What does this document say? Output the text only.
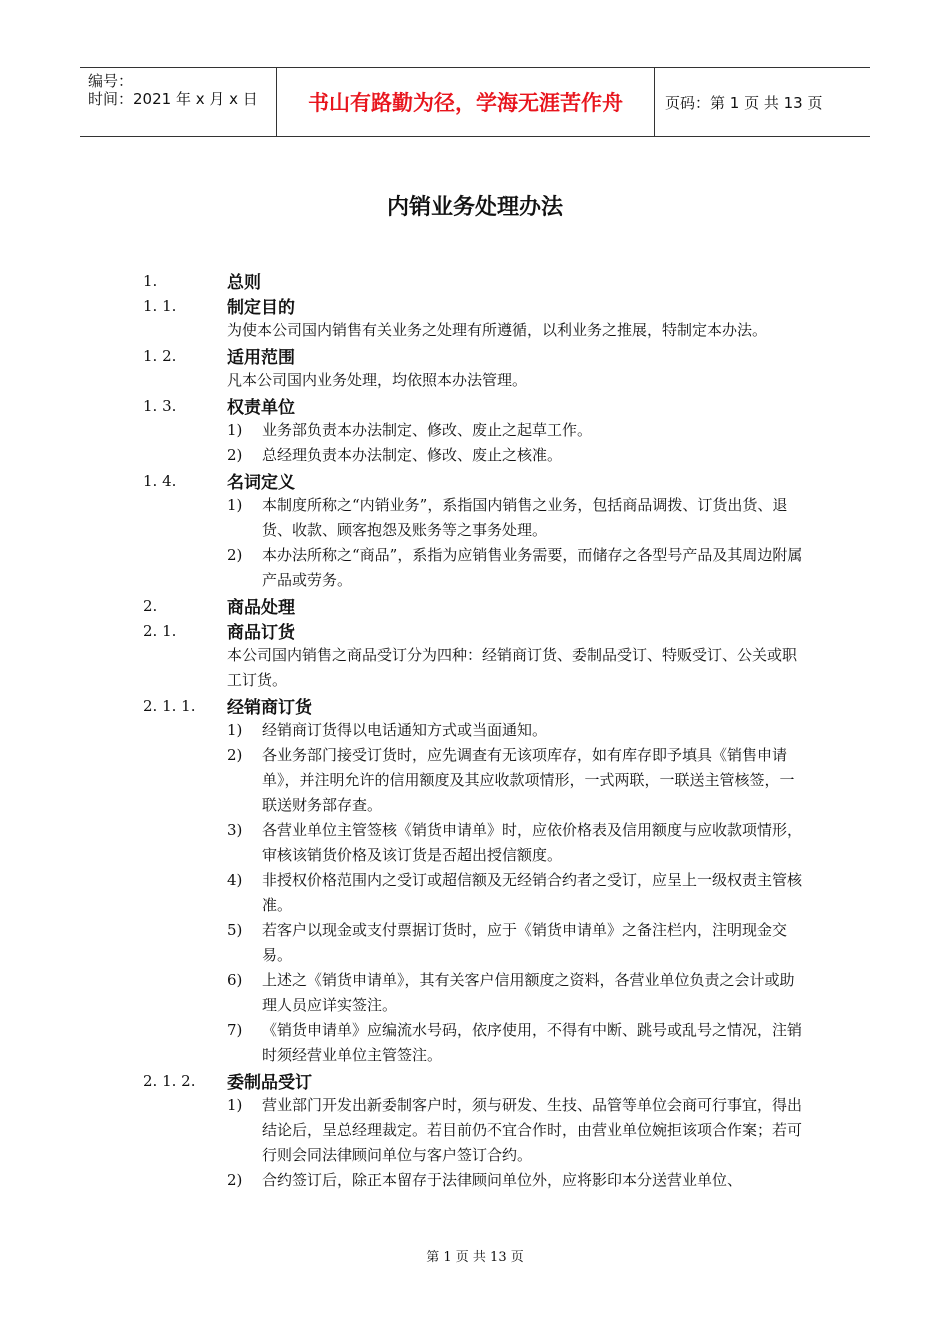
编号：
时间：2021 年 x 月 x 日	书山有路勤为径，学海无涯苦作舟	页码：第 1 页 共 13 页
内销业务处理办法
1.	总则
1. 1.	制定目的
为使本公司国内销售有关业务之处理有所遵循，以利业务之推展，特制定本办法。
1. 2.	适用范围
凡本公司国内业务处理，均依照本办法管理。
1. 3.	权责单位
1)	业务部负责本办法制定、修改、废止之起草工作。
2)	总经理负责本办法制定、修改、废止之核准。
1. 4.	名词定义
1)	本制度所称之“内销业务”，系指国内销售之业务，包括商品调拨、订货出货、退货、收款、顾客抱怨及账务等之事务处理。
2)	本办法所称之“商品”，系指为应销售业务需要，而储存之各型号产品及其周边附属产品或劳务。
2.	商品处理
2. 1.	商品订货
本公司国内销售之商品受订分为四种：经销商订货、委制品受订、特贩受订、公关或职工订货。
2. 1. 1.	经销商订货
1)	经销商订货得以电话通知方式或当面通知。
2)	各业务部门接受订货时，应先调查有无该项库存，如有库存即予填具《销售申请单》，并注明允许的信用额度及其应收款项情形，一式两联，一联送主管核签，一联送财务部存查。
3)	各营业单位主管签核《销货申请单》时，应依价格表及信用额度与应收款项情形，审核该销货价格及该订货是否超出授信额度。
4)	非授权价格范围内之受订或超信额及无经销合约者之受订，应呈上一级权责主管核准。
5)	若客户以现金或支付票据订货时，应于《销货申请单》之备注栏内，注明现金交易。
6)	上述之《销货申请单》，其有关客户信用额度之资料，各营业单位负责之会计或助理人员应详实签注。
7)	《销货申请单》应编流水号码，依序使用，不得有中断、跳号或乱号之情况，注销时须经营业单位主管签注。
2. 1. 2.	委制品受订
1)	营业部门开发出新委制客户时，须与研发、生技、品管等单位会商可行事宜，得出结论后，呈总经理裁定。若目前仍不宜合作时，由营业单位婉拒该项合作案；若可行则会同法律顾问单位与客户签订合约。
2)	合约签订后，除正本留存于法律顾问单位外，应将影印本分送营业单位、
第 1 页 共 13 页
